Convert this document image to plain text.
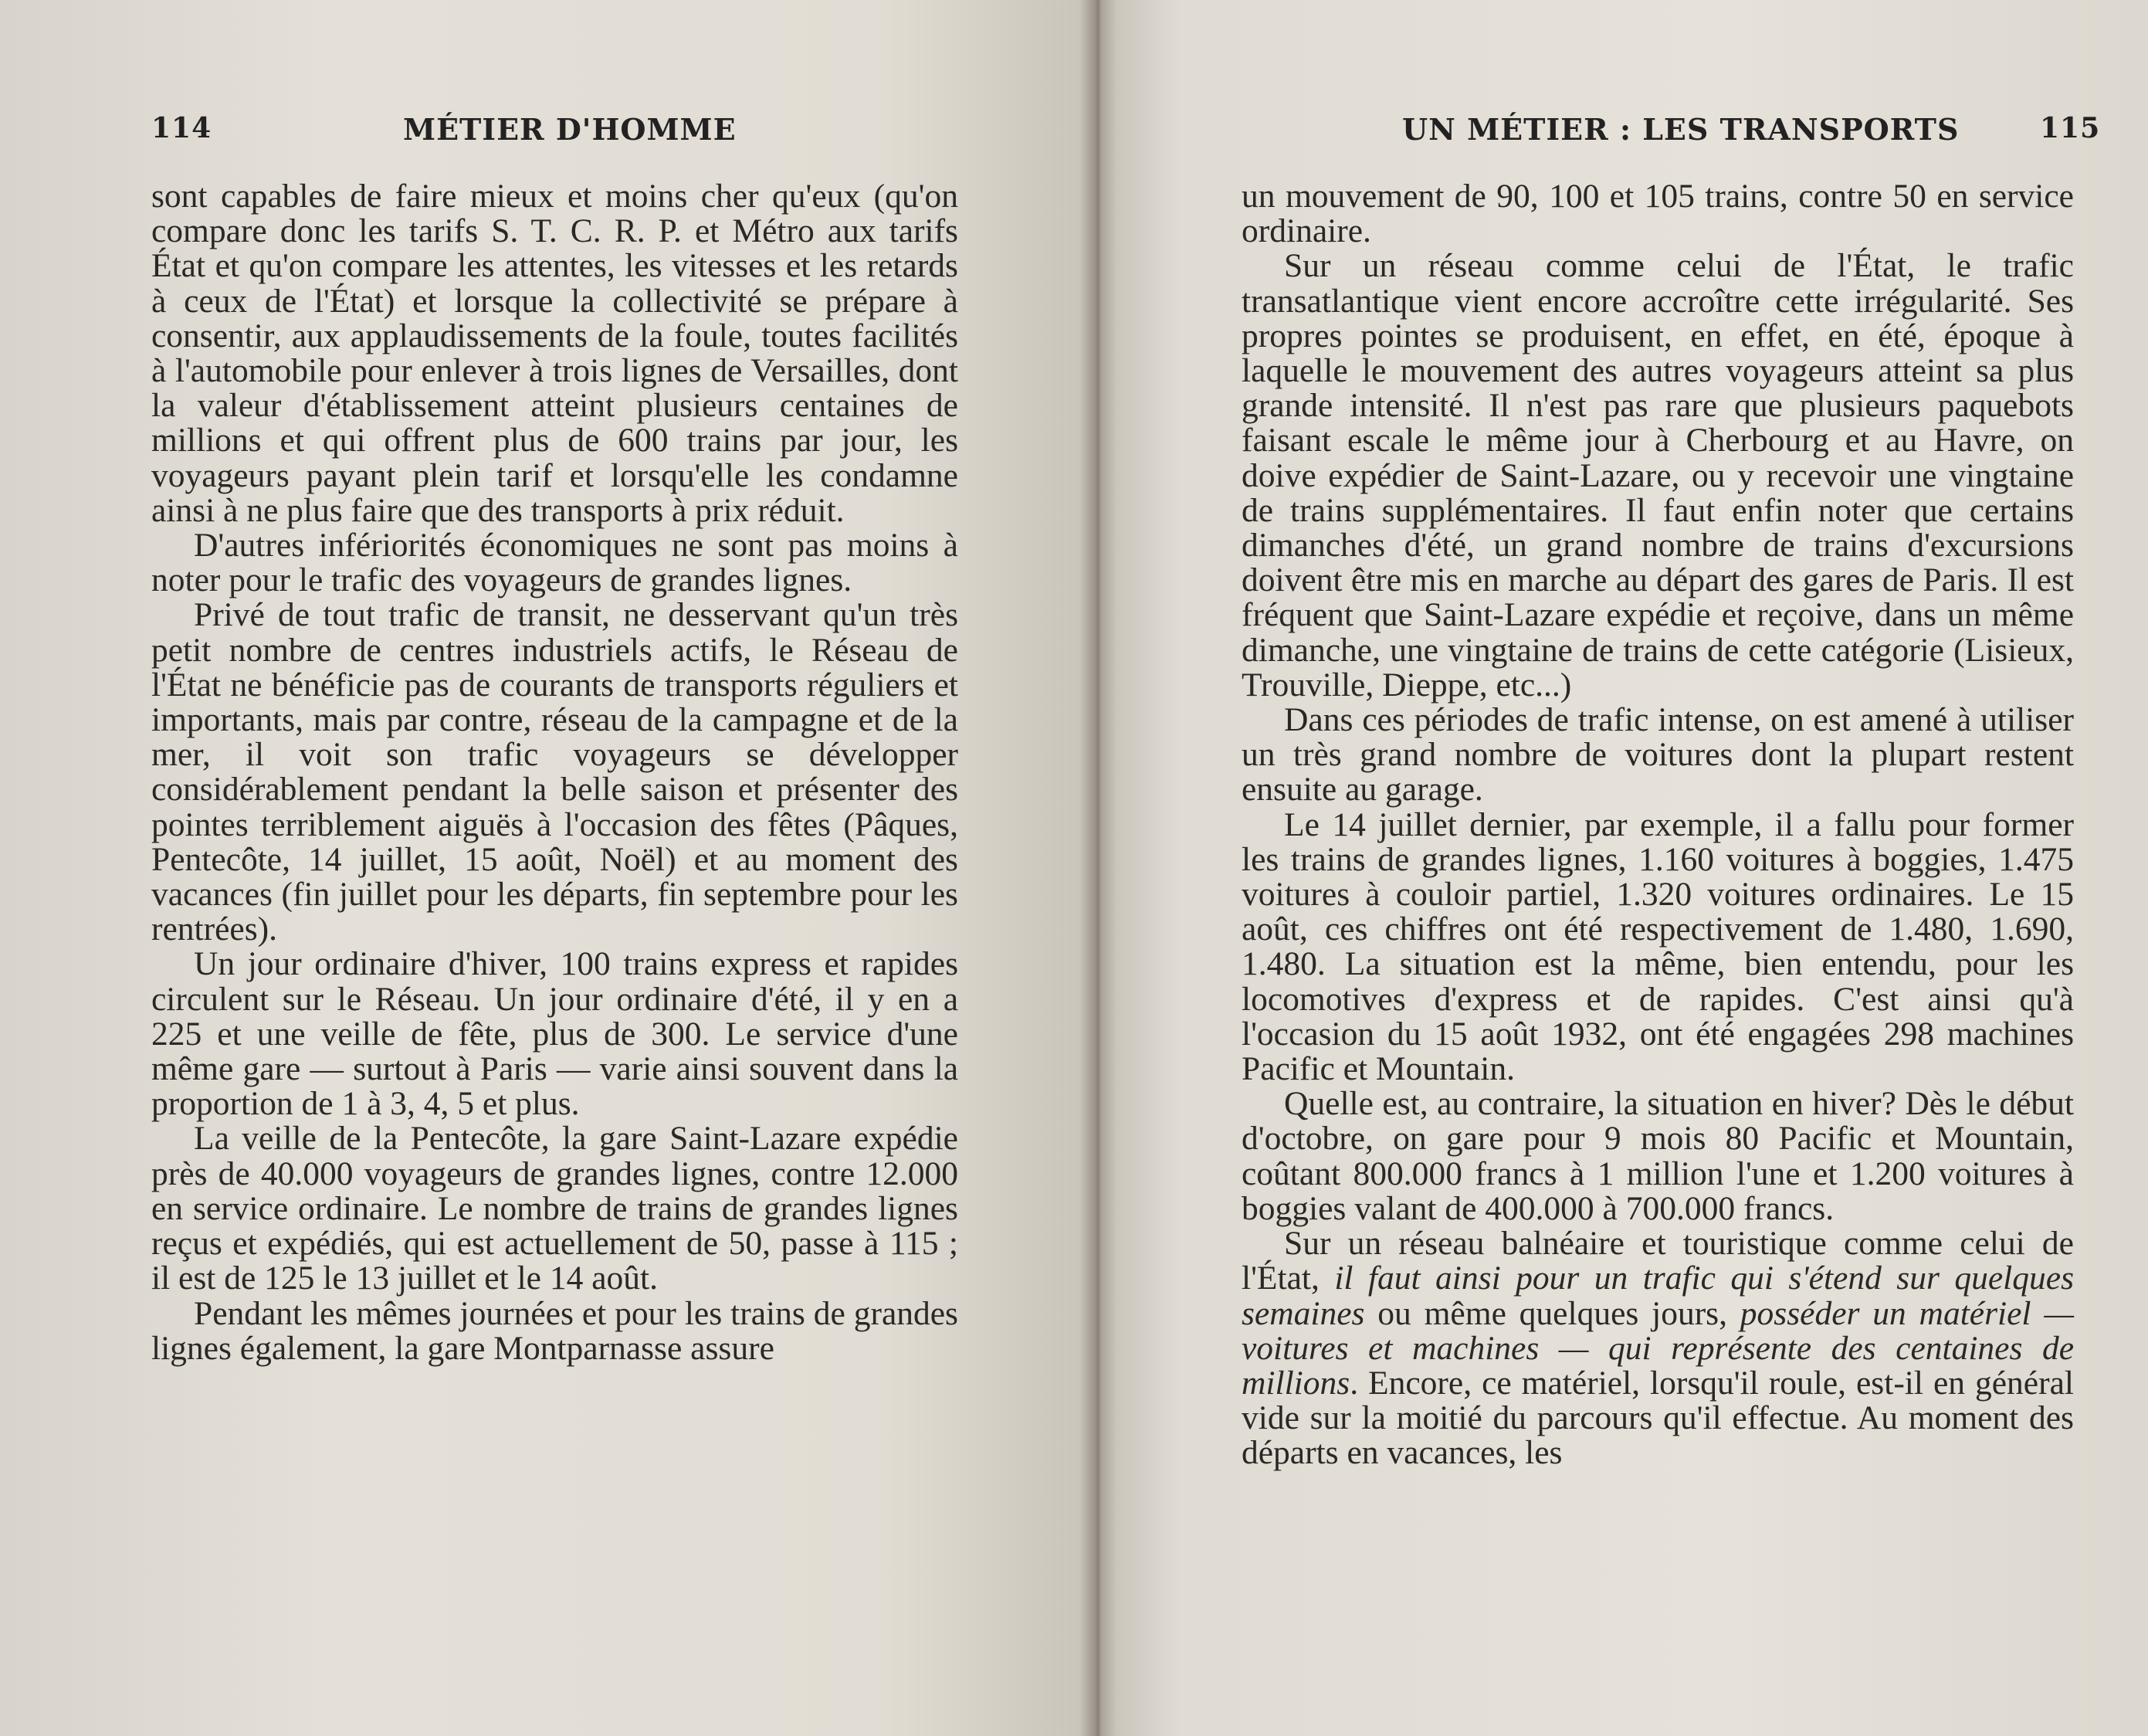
114	MÉTIER D'HOMME

sont capables de faire mieux et moins cher qu'eux (qu'on compare donc les tarifs S. T. C. R. P. et Métro aux tarifs État et qu'on compare les attentes, les vitesses et les retards à ceux de l'État) et lorsque la collectivité se prépare à consentir, aux applaudissements de la foule, toutes facilités à l'automobile pour enlever à trois lignes de Versailles, dont la valeur d'établissement atteint plusieurs centaines de millions et qui offrent plus de 600 trains par jour, les voyageurs payant plein tarif et lorsqu'elle les condamne ainsi à ne plus faire que des transports à prix réduit.

D'autres infériorités économiques ne sont pas moins à noter pour le trafic des voyageurs de grandes lignes.

Privé de tout trafic de transit, ne desservant qu'un très petit nombre de centres industriels actifs, le Réseau de l'État ne bénéficie pas de courants de transports réguliers et importants, mais par contre, réseau de la campagne et de la mer, il voit son trafic voyageurs se développer considérablement pendant la belle saison et présenter des pointes terriblement aiguës à l'occasion des fêtes (Pâques, Pentecôte, 14 juillet, 15 août, Noël) et au moment des vacances (fin juillet pour les départs, fin septembre pour les rentrées).

Un jour ordinaire d'hiver, 100 trains express et rapides circulent sur le Réseau. Un jour ordinaire d'été, il y en a 225 et une veille de fête, plus de 300. Le service d'une même gare — surtout à Paris — varie ainsi souvent dans la proportion de 1 à 3, 4, 5 et plus.

La veille de la Pentecôte, la gare Saint-Lazare expédie près de 40.000 voyageurs de grandes lignes, contre 12.000 en service ordinaire. Le nombre de trains de grandes lignes reçus et expédiés, qui est actuellement de 50, passe à 115 ; il est de 125 le 13 juillet et le 14 août.

Pendant les mêmes journées et pour les trains de grandes lignes également, la gare Montparnasse assure

UN MÉTIER : LES TRANSPORTS	115

un mouvement de 90, 100 et 105 trains, contre 50 en service ordinaire.

Sur un réseau comme celui de l'État, le trafic transatlantique vient encore accroître cette irrégularité. Ses propres pointes se produisent, en effet, en été, époque à laquelle le mouvement des autres voyageurs atteint sa plus grande intensité. Il n'est pas rare que plusieurs paquebots faisant escale le même jour à Cherbourg et au Havre, on doive expédier de Saint-Lazare, ou y recevoir une vingtaine de trains supplémentaires. Il faut enfin noter que certains dimanches d'été, un grand nombre de trains d'excursions doivent être mis en marche au départ des gares de Paris. Il est fréquent que Saint-Lazare expédie et reçoive, dans un même dimanche, une vingtaine de trains de cette catégorie (Lisieux, Trouville, Dieppe, etc...)

Dans ces périodes de trafic intense, on est amené à utiliser un très grand nombre de voitures dont la plupart restent ensuite au garage.

Le 14 juillet dernier, par exemple, il a fallu pour former les trains de grandes lignes, 1.160 voitures à boggies, 1.475 voitures à couloir partiel, 1.320 voitures ordinaires. Le 15 août, ces chiffres ont été respectivement de 1.480, 1.690, 1.480. La situation est la même, bien entendu, pour les locomotives d'express et de rapides. C'est ainsi qu'à l'occasion du 15 août 1932, ont été engagées 298 machines Pacific et Mountain.

Quelle est, au contraire, la situation en hiver? Dès le début d'octobre, on gare pour 9 mois 80 Pacific et Mountain, coûtant 800.000 francs à 1 million l'une et 1.200 voitures à boggies valant de 400.000 à 700.000 francs.

Sur un réseau balnéaire et touristique comme celui de l'État, il faut ainsi pour un trafic qui s'étend sur quelques semaines ou même quelques jours, posséder un matériel — voitures et machines — qui représente des centaines de millions. Encore, ce matériel, lorsqu'il roule, est-il en général vide sur la moitié du parcours qu'il effectue. Au moment des départs en vacances, les
